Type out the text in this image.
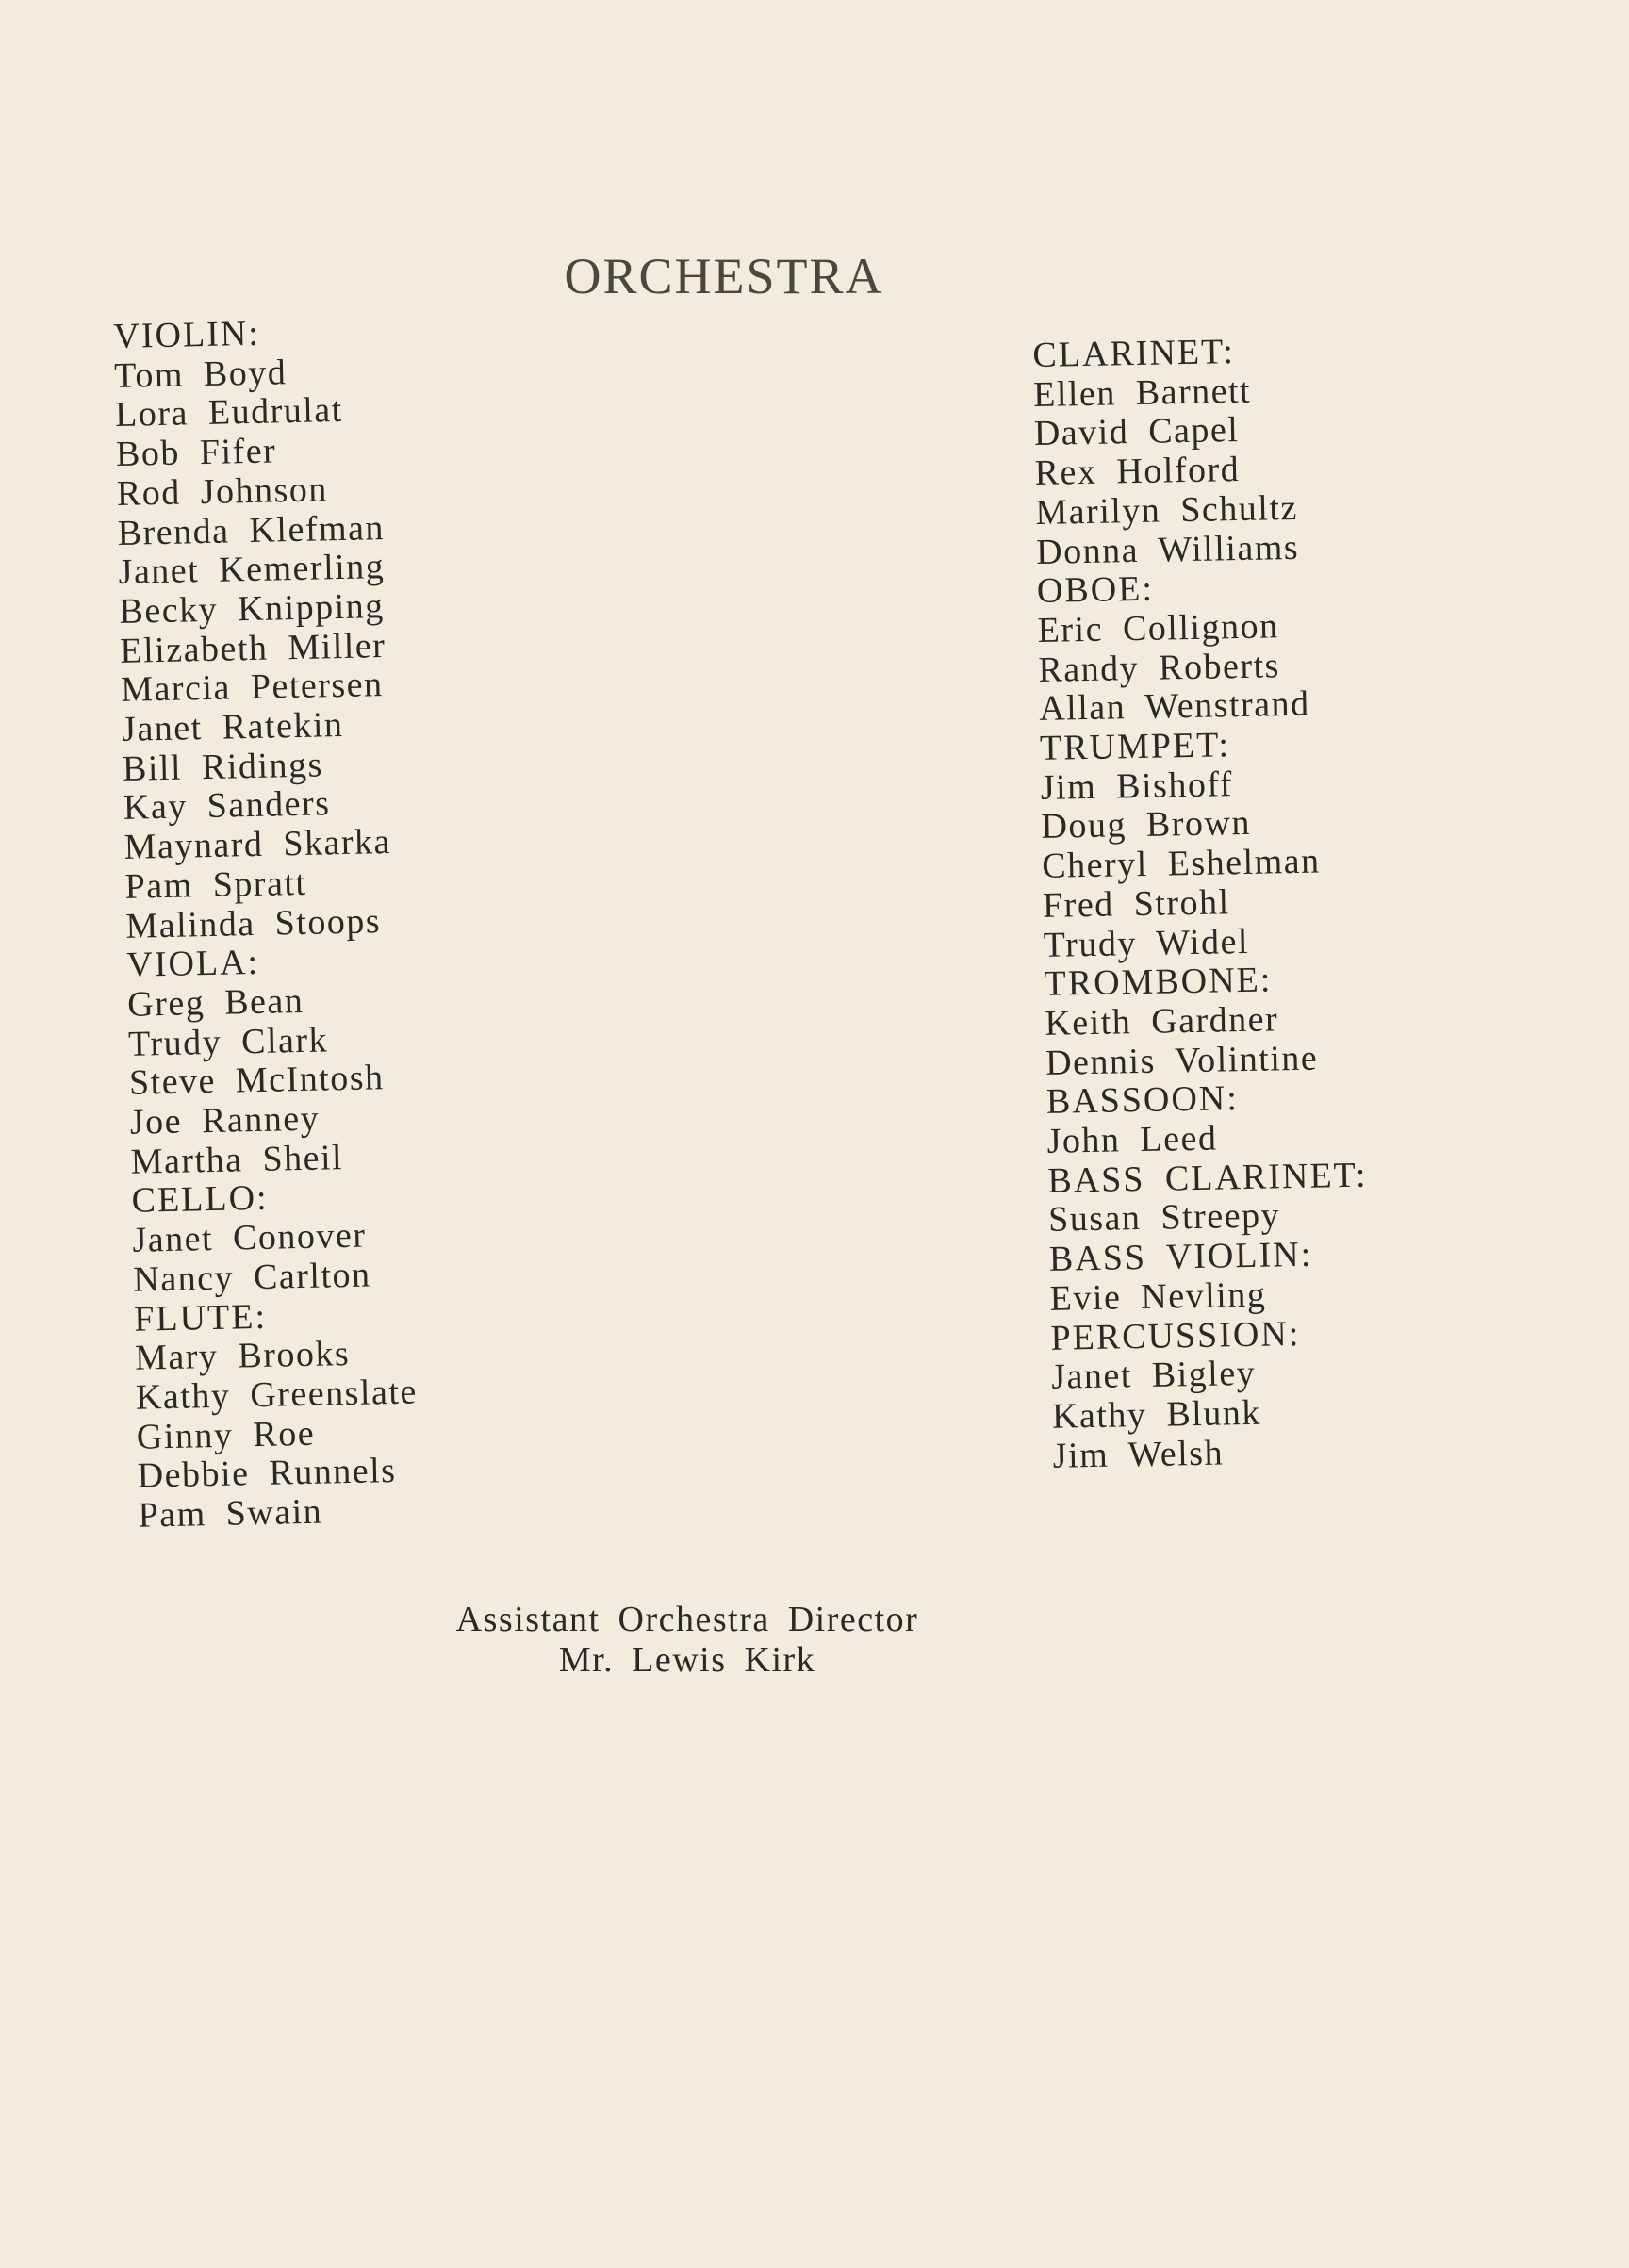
ORCHESTRA
VIOLIN:
Tom Boyd
Lora Eudrulat
Bob Fifer
Rod Johnson
Brenda Klefman
Janet Kemerling
Becky Knipping
Elizabeth Miller
Marcia Petersen
Janet Ratekin
Bill Ridings
Kay Sanders
Maynard Skarka
Pam Spratt
Malinda Stoops
VIOLA:
Greg Bean
Trudy Clark
Steve McIntosh
Joe Ranney
Martha Sheil
CELLO:
Janet Conover
Nancy Carlton
FLUTE:
Mary Brooks
Kathy Greenslate
Ginny Roe
Debbie Runnels
Pam Swain
CLARINET:
Ellen Barnett
David Capel
Rex Holford
Marilyn Schultz
Donna Williams
OBOE:
Eric Collignon
Randy Roberts
Allan Wenstrand
TRUMPET:
Jim Bishoff
Doug Brown
Cheryl Eshelman
Fred Strohl
Trudy Widel
TROMBONE:
Keith Gardner
Dennis Volintine
BASSOON:
John Leed
BASS CLARINET:
Susan Streepy
BASS VIOLIN:
Evie Nevling
PERCUSSION:
Janet Bigley
Kathy Blunk
Jim Welsh
Assistant Orchestra Director
Mr. Lewis Kirk
